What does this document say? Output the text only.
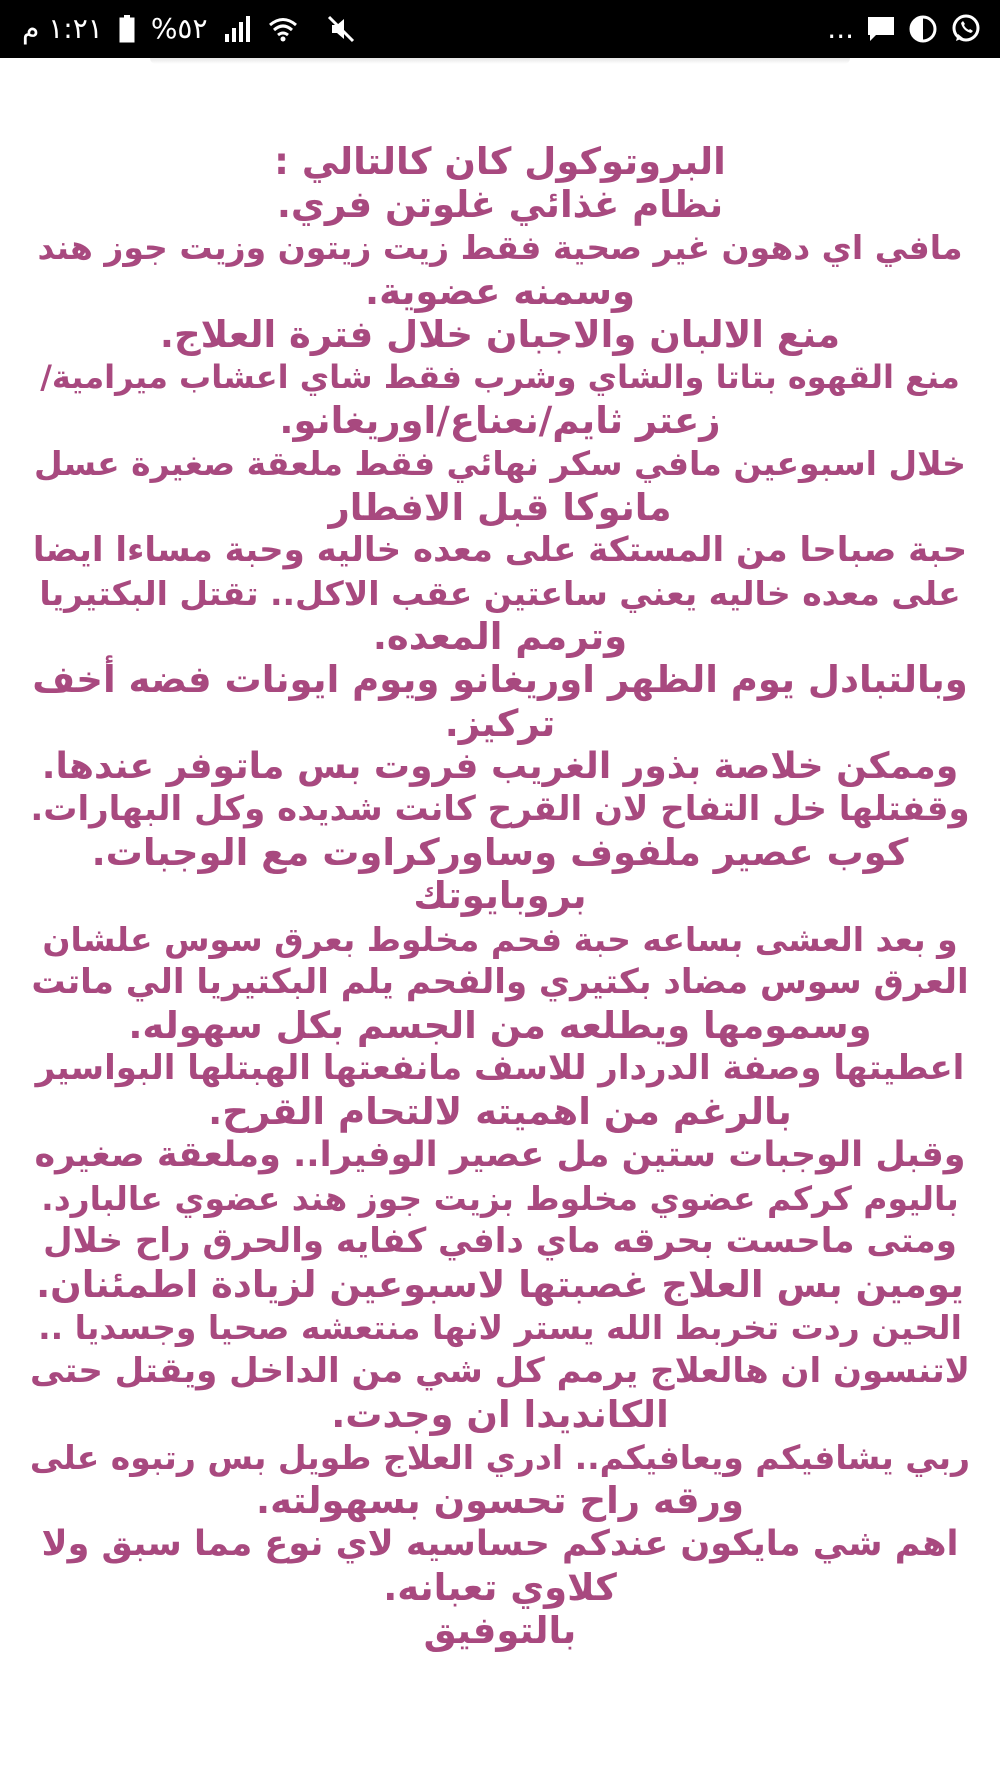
١:٢١ م ٥٢%	...
البروتوكول كان كالتالي :
نظام غذائي غلوتن فري.
مافي اي دهون غير صحية فقط زيت زيتون وزيت جوز هند
وسمنه عضوية.
منع الالبان والاجبان خلال فترة العلاج.
منع القهوه بتاتا والشاي وشرب فقط شاي اعشاب ميرامية/
زعتر ثايم/نعناع/اوريغانو.
خلال اسبوعين مافي سكر نهائي فقط ملعقة صغيرة عسل
مانوكا قبل الافطار
حبة صباحا من المستكة على معده خاليه وحبة مساءا ايضا
على معده خاليه يعني ساعتين عقب الاكل.. تقتل البكتيريا
وترمم المعده.
وبالتبادل يوم الظهر اوريغانو ويوم ايونات فضه أخف
تركيز.
وممكن خلاصة بذور الغريب فروت بس ماتوفر عندها.
وقفتلها خل التفاح لان القرح كانت شديده وكل البهارات.
كوب عصير ملفوف وساوركراوت مع الوجبات.
بروبايوتك
و بعد العشى بساعه حبة فحم مخلوط بعرق سوس علشان
العرق سوس مضاد بكتيري والفحم يلم البكتيريا الي ماتت
وسمومها ويطلعه من الجسم بكل سهوله.
اعطيتها وصفة الدردار للاسف مانفعتها الهبتلها البواسير
بالرغم من اهميته لالتحام القرح.
وقبل الوجبات ستين مل عصير الوفيرا.. وملعقة صغيره
باليوم كركم عضوي مخلوط بزيت جوز هند عضوي عالبارد.
ومتى ماحست بحرقه ماي دافي كفايه والحرق راح خلال
يومين بس العلاج غصبتها لاسبوعين لزيادة اطمئنان.
الحين ردت تخربط الله يستر لانها منتعشه صحيا وجسديا ..
لاتنسون ان هالعلاج يرمم كل شي من الداخل ويقتل حتى
الكانديدا ان وجدت.
ربي يشافيكم ويعافيكم.. ادري العلاج طويل بس رتبوه على
ورقه راح تحسون بسهولته.
اهم شي مايكون عندكم حساسيه لاي نوع مما سبق ولا
كلاوي تعبانه.
بالتوفيق
